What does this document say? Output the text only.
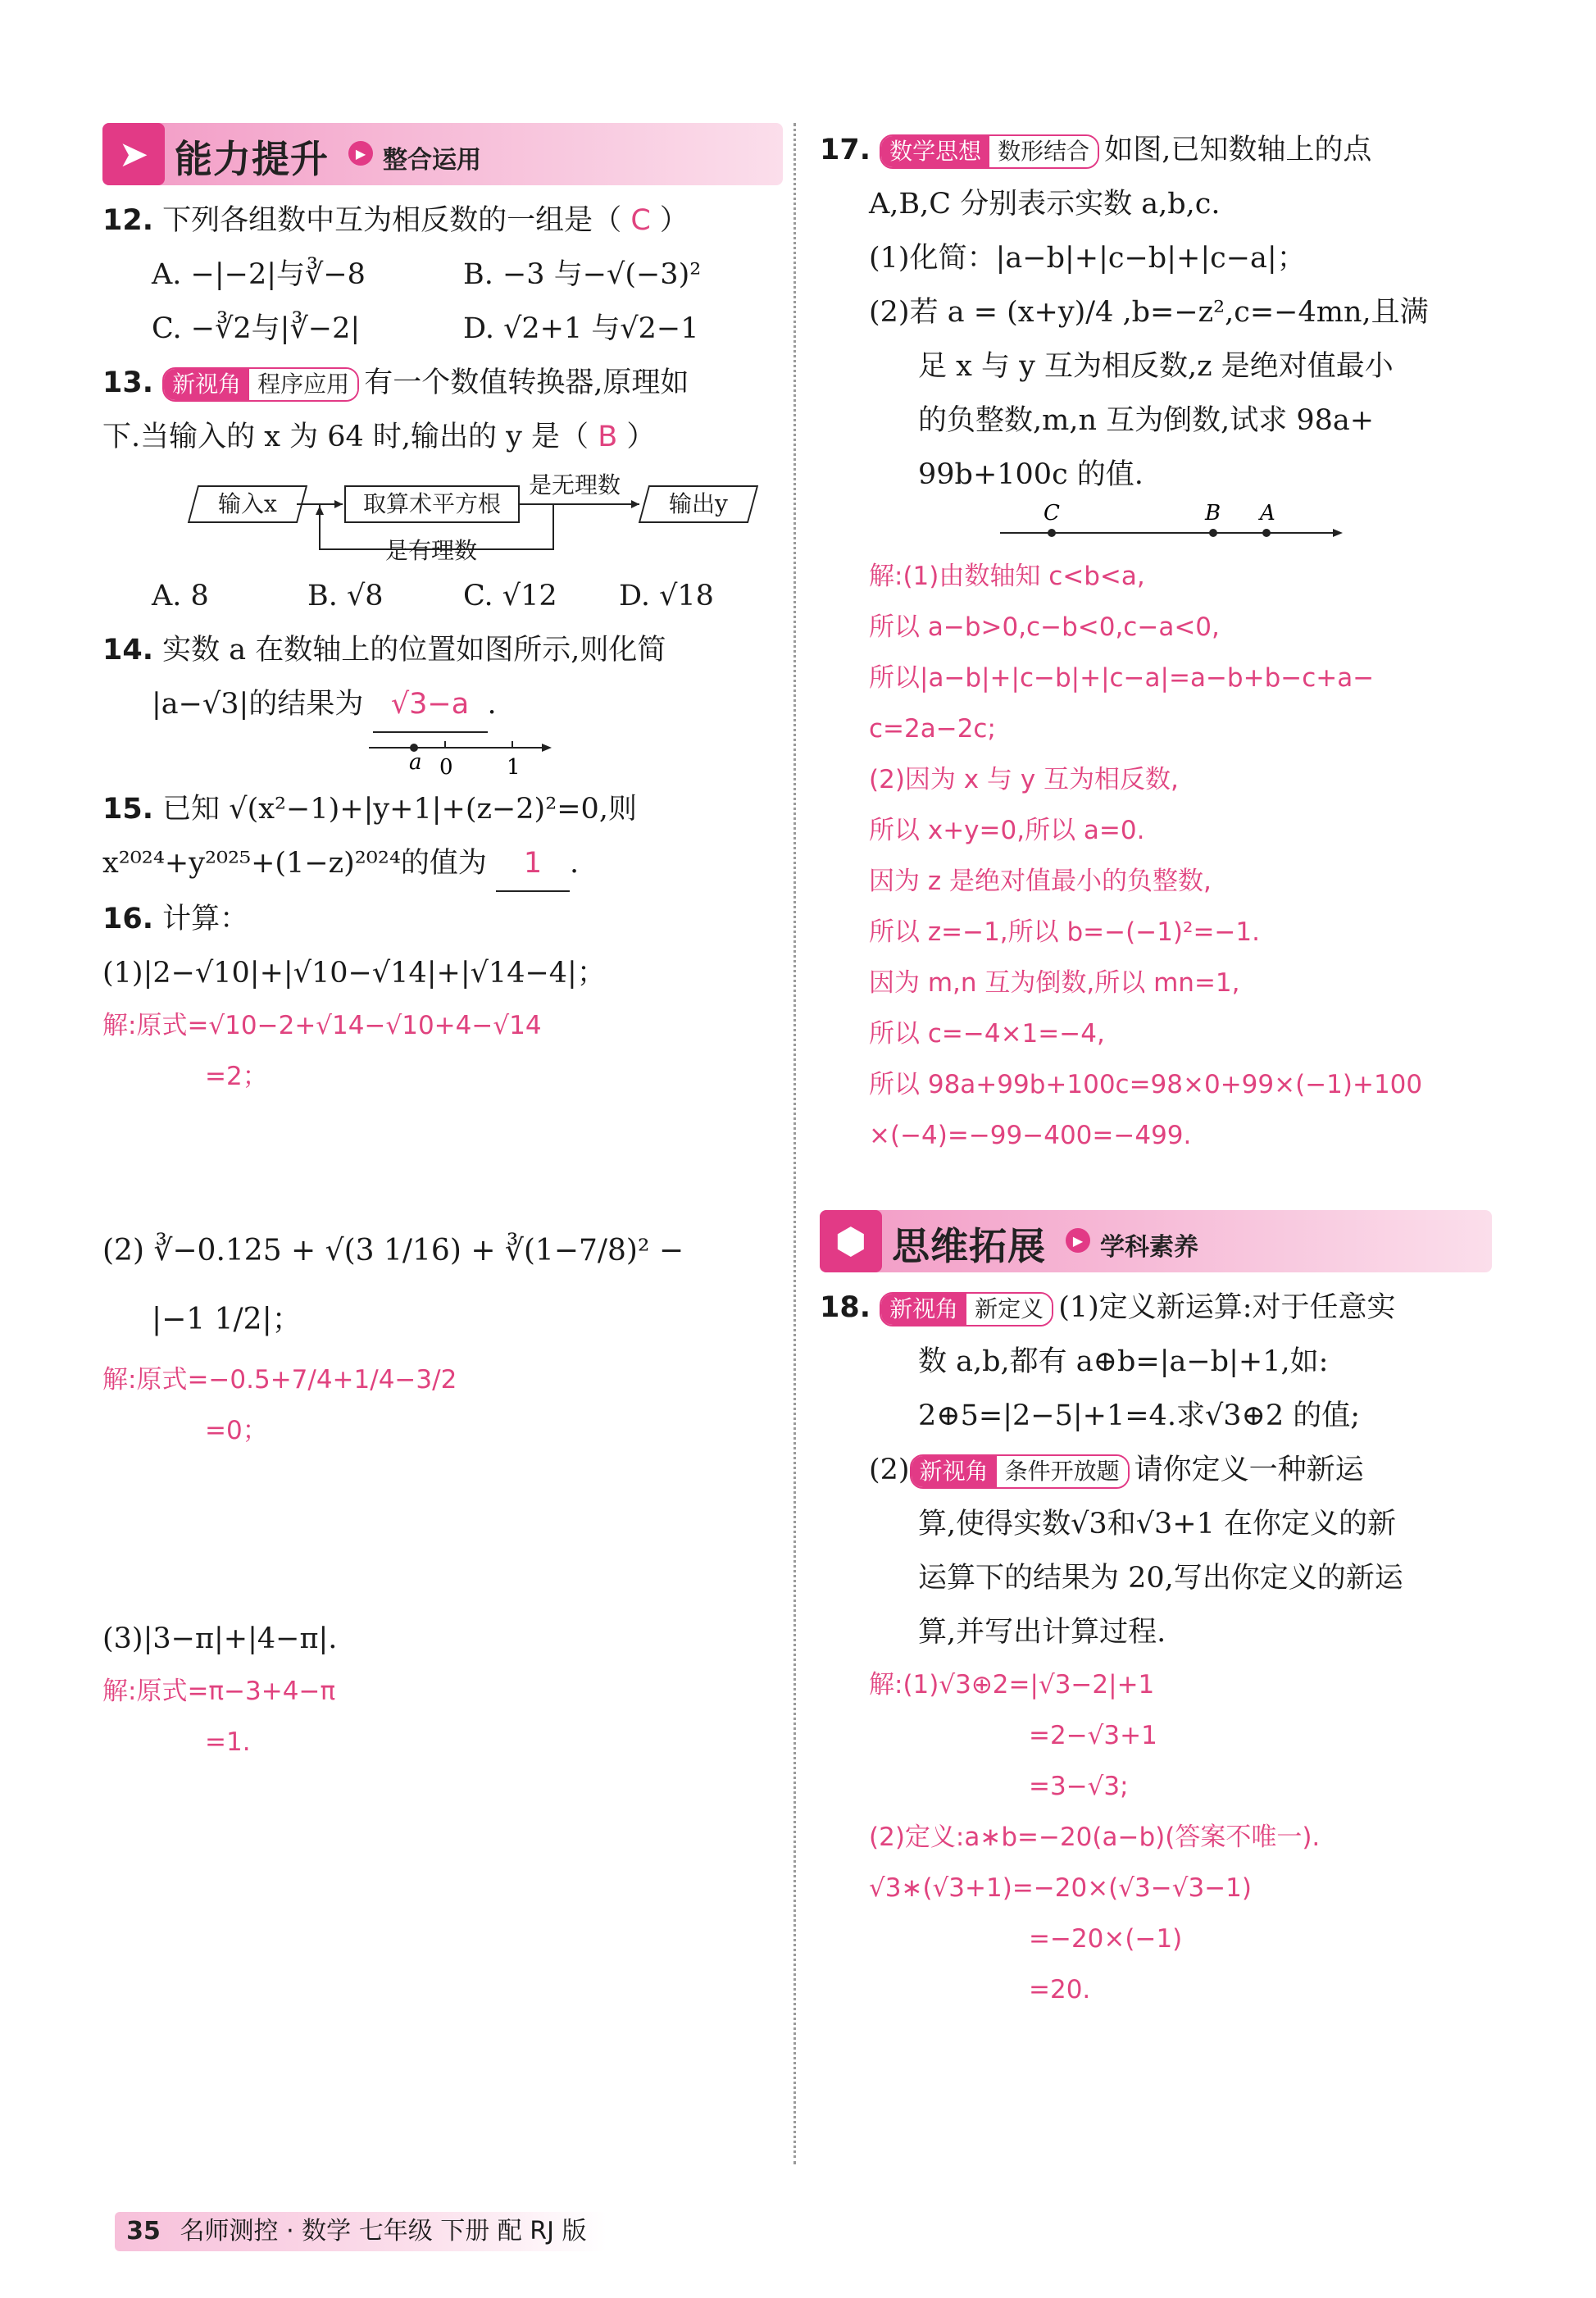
➤ 能力提升	▶ 整合运用
12. 下列各组数中互为相反数的一组是（ C ）
A. −|−2|与∛−8	B. −3 与−√(−3)²
C. −∛2与|∛−2|	D. √2+1 与√2−1
13. 新视角 程序应用 有一个数值转换器,原理如
下.当输入的 x 为 64 时,输出的 y 是（ B ）
输入x	取算术平方根	输出y
是无理数
是有理数
A. 8	B. √8	C. √12 D. √18
14. 实数 a 在数轴上的位置如图所示,则化简
|a−√3|的结果为 √3−a .
a 0	1
15. 已知 √(x²−1)+|y+1|+(z−2)²=0,则
x²⁰²⁴+y²⁰²⁵+(1−z)²⁰²⁴的值为 1 .
16. 计算：
(1)|2−√10|+|√10−√14|+|√14−4|；
解:原式=√10−2+√14−√10+4−√14
=2；
(2) ∛−0.125 + √(3 1/16) + ∛(1−7/8)² −
|−1 1/2|；
解:原式=−0.5+7/4+1/4−3/2
=0；
(3)|3−π|+|4−π|.
解:原式=π−3+4−π
=1.
17. 数学思想 数形结合 如图,已知数轴上的点
A,B,C 分别表示实数 a,b,c.
(1)化简：|a−b|+|c−b|+|c−a|；
(2)若 a = (x+y)/4 ,b=−z²,c=−4mn,且满
足 x 与 y 互为相反数,z 是绝对值最小
的负整数,m,n 互为倒数,试求 98a+
99b+100c 的值.
C	B A
解:(1)由数轴知 c<b<a,
所以 a−b>0,c−b<0,c−a<0,
所以|a−b|+|c−b|+|c−a|=a−b+b−c+a−
c=2a−2c;
(2)因为 x 与 y 互为相反数,
所以 x+y=0,所以 a=0.
因为 z 是绝对值最小的负整数,
所以 z=−1,所以 b=−(−1)²=−1.
因为 m,n 互为倒数,所以 mn=1,
所以 c=−4×1=−4,
所以 98a+99b+100c=98×0+99×(−1)+100
×(−4)=−99−400=−499.
⬢ 思维拓展	▶ 学科素养
18. 新视角 新定义 (1)定义新运算:对于任意实
数 a,b,都有 a⊕b=|a−b|+1,如:
2⊕5=|2−5|+1=4.求√3⊕2 的值;
(2) 新视角 条件开放题 请你定义一种新运
算,使得实数√3和√3+1 在你定义的新
运算下的结果为 20,写出你定义的新运
算,并写出计算过程.
解:(1)√3⊕2=|√3−2|+1
=2−√3+1
=3−√3;
(2)定义:a∗b=−20(a−b)(答案不唯一).
√3∗(√3+1)=−20×(√3−√3−1)
=−20×(−1)
=20.
35 名师测控 · 数学 七年级 下册 配 RJ 版
